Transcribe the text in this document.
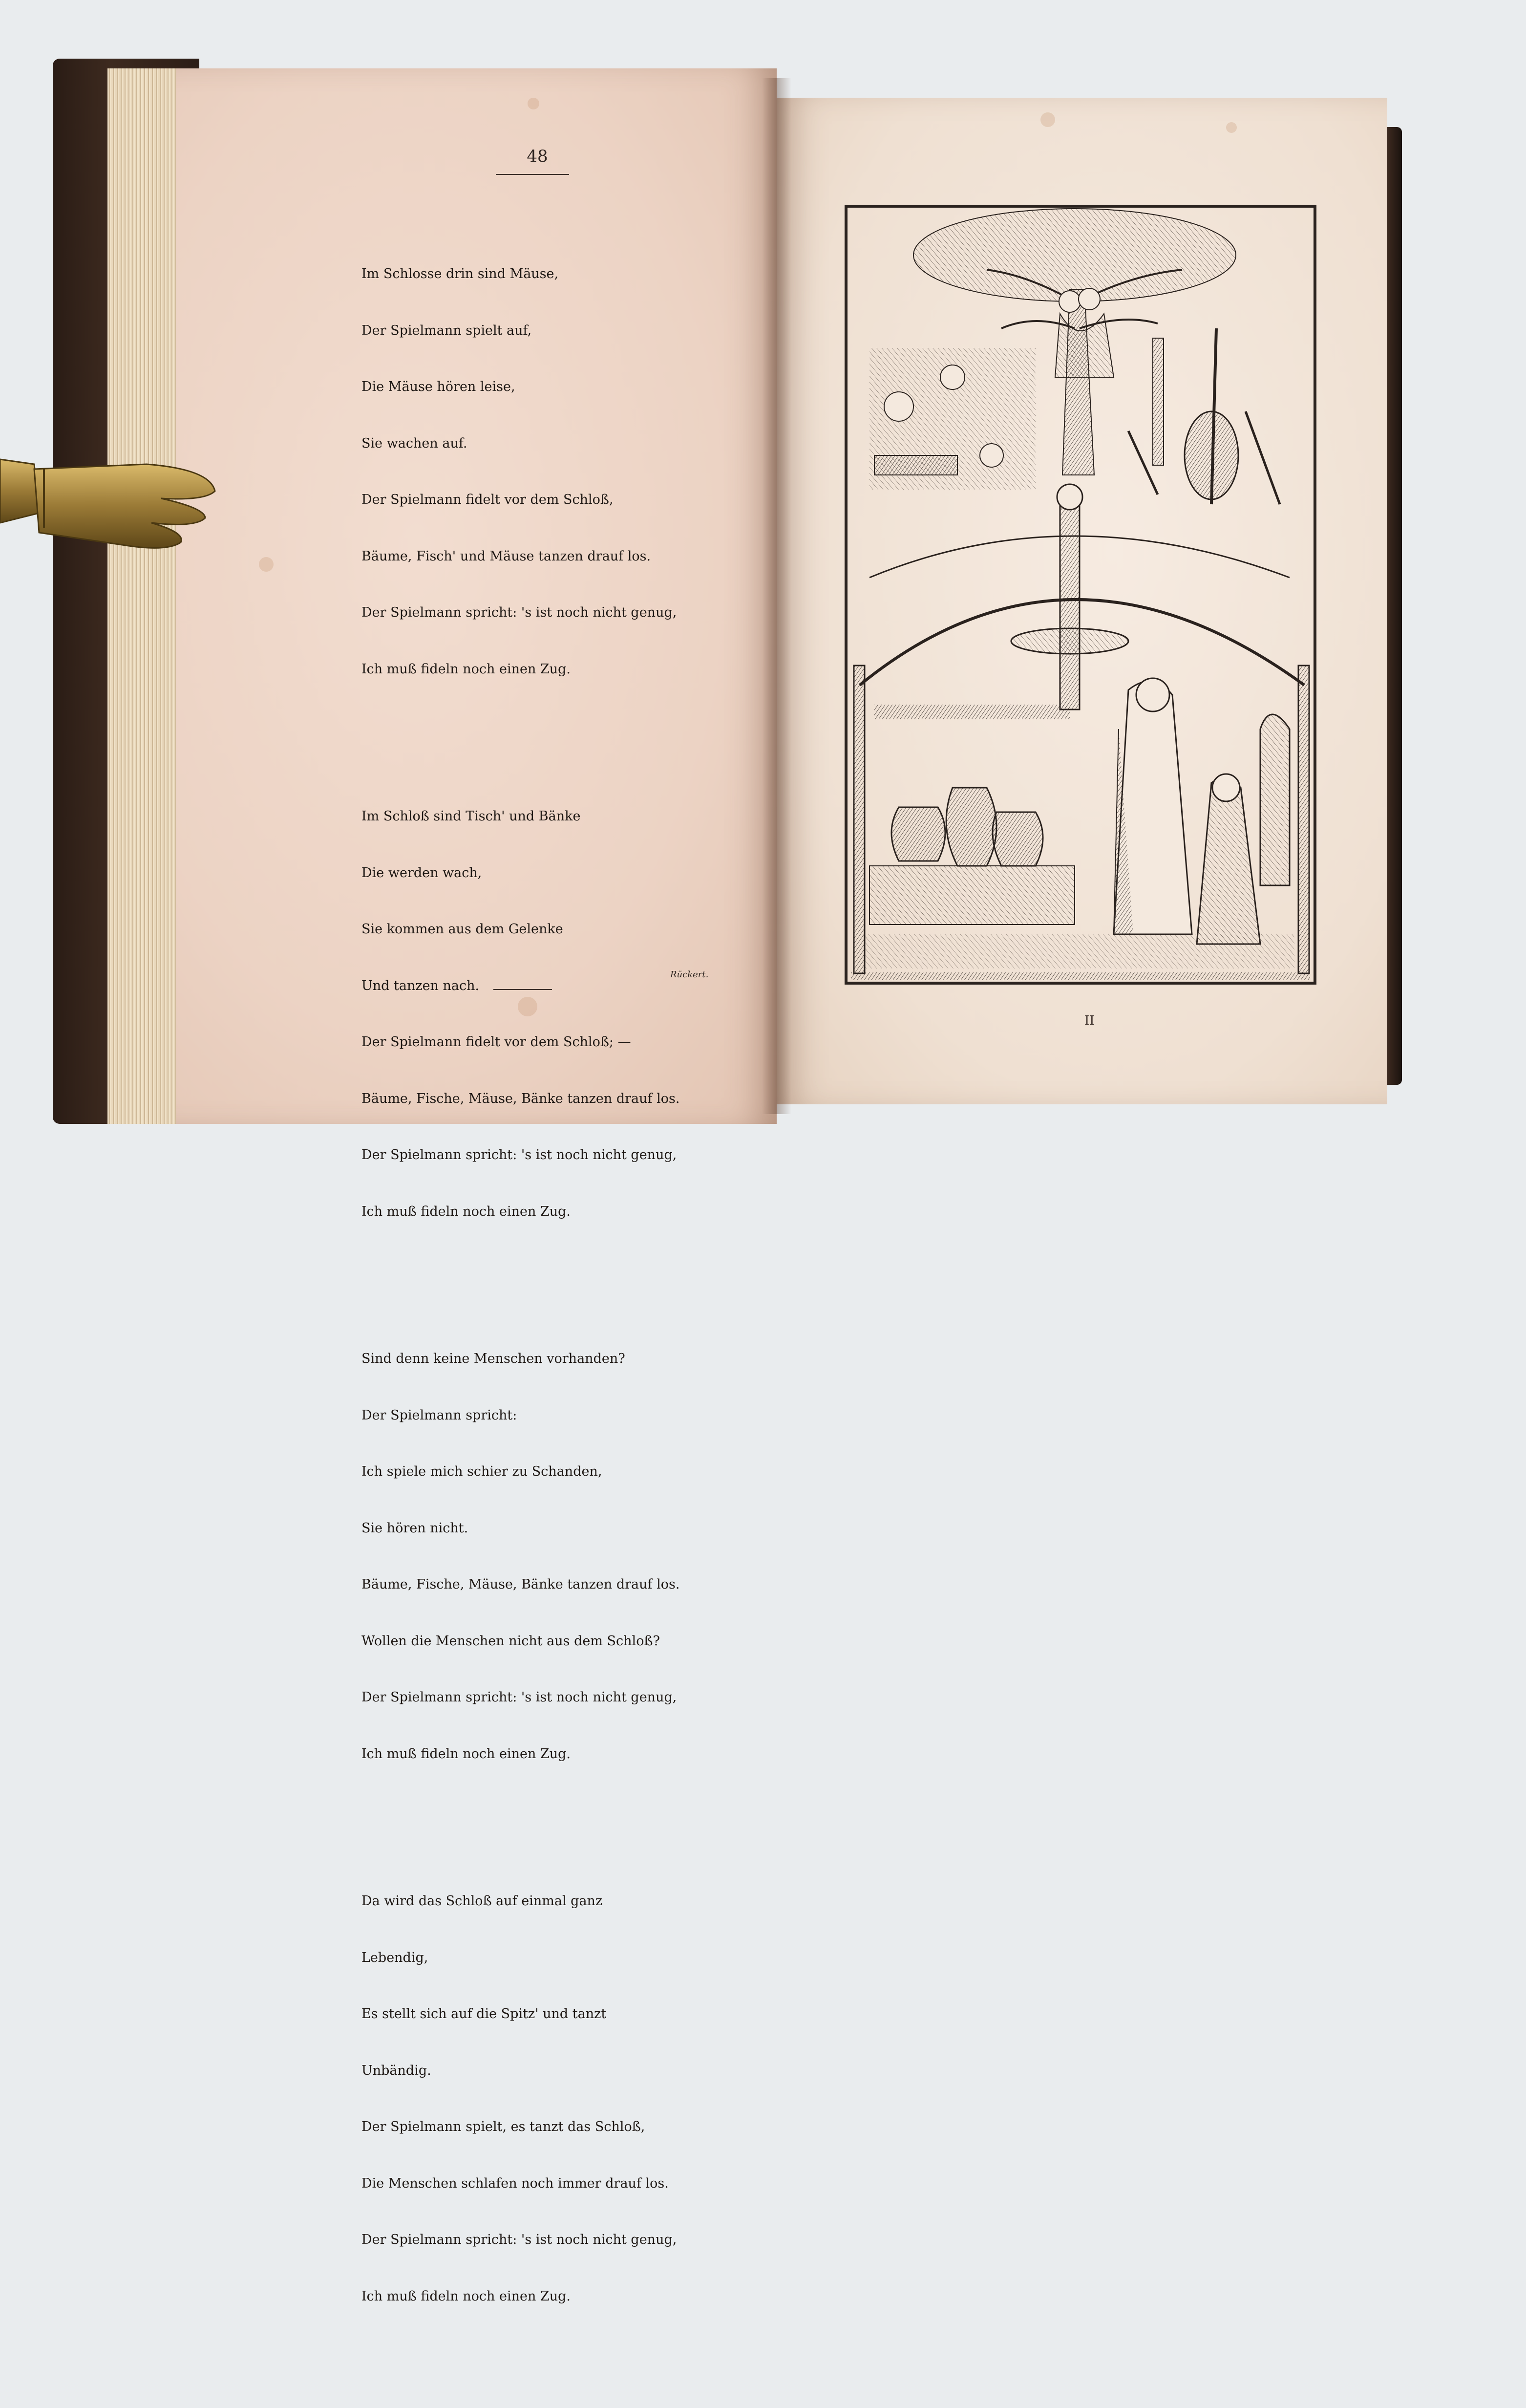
48

Im Schlosse drin sind Mäuse,

Der Spielmann spielt auf,

Die Mäuse hören leise,

Sie wachen auf.

Der Spielmann fidelt vor dem Schloß,

Bäume, Fisch' und Mäuse tanzen drauf los.

Der Spielmann spricht: 's ist noch nicht genug,

Ich muß fideln noch einen Zug.

Im Schloß sind Tisch' und Bänke

Die werden wach,

Sie kommen aus dem Gelenke

Und tanzen nach.

Der Spielmann fidelt vor dem Schloß; —

Bäume, Fische, Mäuse, Bänke tanzen drauf los.

Der Spielmann spricht: 's ist noch nicht genug,

Ich muß fideln noch einen Zug.

Sind denn keine Menschen vorhanden?

Der Spielmann spricht:

Ich spiele mich schier zu Schanden,

Sie hören nicht.

Bäume, Fische, Mäuse, Bänke tanzen drauf los.

Wollen die Menschen nicht aus dem Schloß?

Der Spielmann spricht: 's ist noch nicht genug,

Ich muß fideln noch einen Zug.

Da wird das Schloß auf einmal ganz

Lebendig,

Es stellt sich auf die Spitz' und tanzt

Unbändig.

Der Spielmann spielt, es tanzt das Schloß,

Die Menschen schlafen noch immer drauf los.

Der Spielmann spricht: 's ist noch nicht genug,

Ich muß fideln noch einen Zug.

Rückert.
II
